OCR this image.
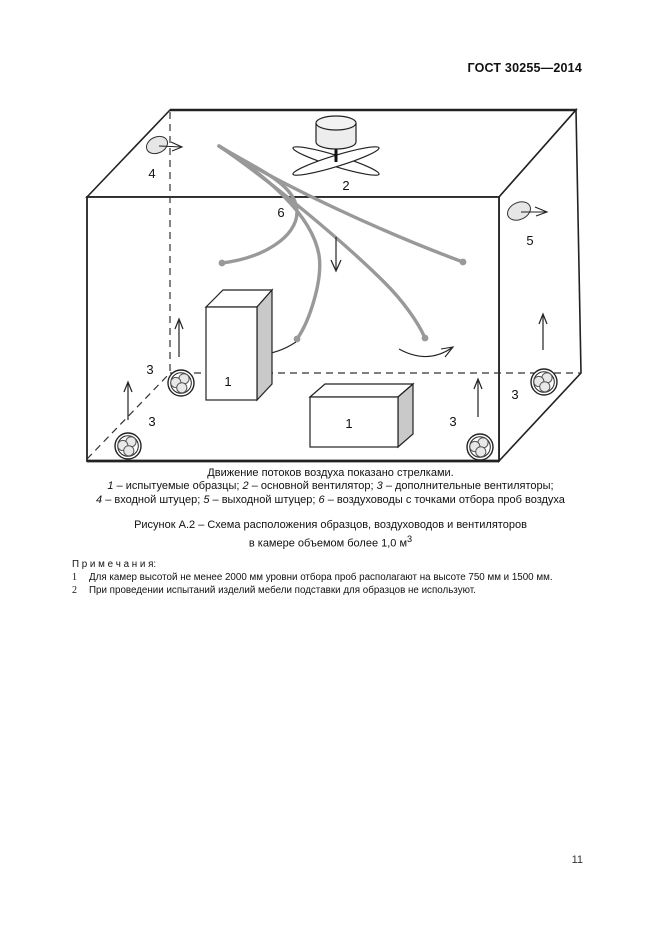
ГОСТ 30255—2014
2
6
4
5
1
1
3
3	3
3
Движение потоков воздуха показано стрелками.
1 – испытуемые образцы; 2 – основной вентилятор; 3 – дополнительные вентиляторы;
4 – входной штуцер; 5 – выходной штуцер; 6 – воздуховоды с точками отбора проб воздуха
Рисунок А.2 – Схема расположения образцов, воздуховодов и вентиляторов
в камере объемом более 1,0 $м^3$
П р и м е ч а н и я:
1	Для камер высотой не менее 2000 мм уровни отбора проб располагают на высоте 750 мм и 1500 мм.
2	При проведении испытаний изделий мебели подставки для образцов не используют.
11
